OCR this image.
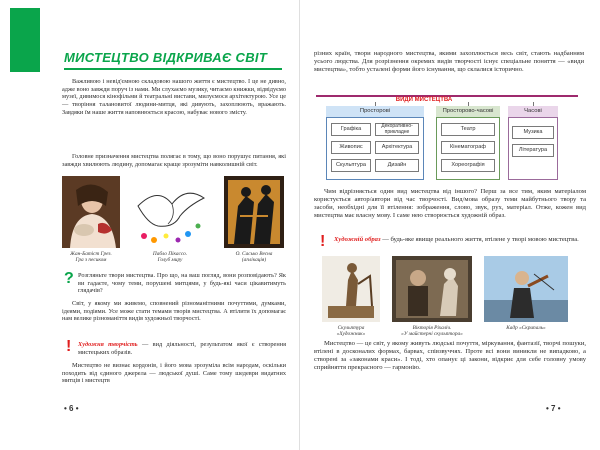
МИСТЕЦТВО ВІДКРИВАЄ СВІТ
Важливою і невід'ємною складовою нашого життя є мистецтво. І це не дивно, адже воно завжди поруч із нами. Ми слухаємо музику, читаємо книжки, відвідуємо музеї, дивимося кінофільми й театральні вистави, милуємося архітектурою. Усе це — творіння талановитої людини-митця, які дивують, захоплюють, вражають. Завдяки їм наше життя наповнюється красою, набуває нового змісту.
Головне призначення мистецтва полягає в тому, що воно порушує питання, які завжди хвилюють людину, допомагає краще зрозуміти навколишній світ.
Жан-Батіст Грез.
Гра з песиком
Пабло Пікассо.
Голуб миру
О. Сасько Весна
(аплікація)
? Розгляньте твори мистецтва. Про що, на ваш погляд, вони розповідають? Як ви гадаєте, чому теми, порушені митцями, у будь-які часи цікавитимуть глядачів?
Світ, у якому ми живемо, сповнений різноманітними почуттями, думками, ідеями, подіями. Усе може стати темами творів мистецтва. А втілити їх допомагає нам велике різноманіття видів художньої творчості.
! Художня творчість — вид діяльності, результатом якої є створення мистецьких образів.
Мистецтво не визнає кордонів, і його мова зрозуміла всім народам, оскільки походить від єдиного джерела — людської душі. Саме тому шедеври видатних митців і мистецтв
• 6 •
різних країн, твори народного мистецтва, якими захоплюється весь світ, стають надбанням усього людства. Для розрізнення окремих видів творчості існує спеціальне поняття — «види мистецтва», тобто усталені форми його існування, що склалися історично.
ВИДИ МИСТЕЦТВА
Просторові	Просторово-часові	Часові
Графіка	Декоративно-прикладне
Живопис	Архітектура
Скульптура	Дизайн
Театр
Кінематограф
Хореографія
Музика
Література
Чим відрізняється один вид мистецтва від іншого? Перш за все тим, яким матеріалом користується автор/автори від час творчості. Вид/мова образу теми майбутнього твору та засоби, необхідні для її втілення: зображення, слово, звук, рух, матеріал. Отже, кожен вид мистецтва має власну мову. І саме нею створюється художній образ.
! Художній образ — будь-яке явище реального життя, втілене у творі мовою мистецтва.
Скульптура
«Художник»
Вікторія Ріхаліч.
«У майстерні скульптора»
Кадр «Скрипаль»
Мистецтво — це світ, у якому живуть людські почуття, міркування, фантазії, творчі пошуки, втілені в досконалих формах, барвах, співзвуччях. Проте всі вони виникли не випадково, а створені за «законами краси». І тоді, хто опанує ці закони, відкриє для себе головну умову сприйняття прекрасного — гармонію.
• 7 •
